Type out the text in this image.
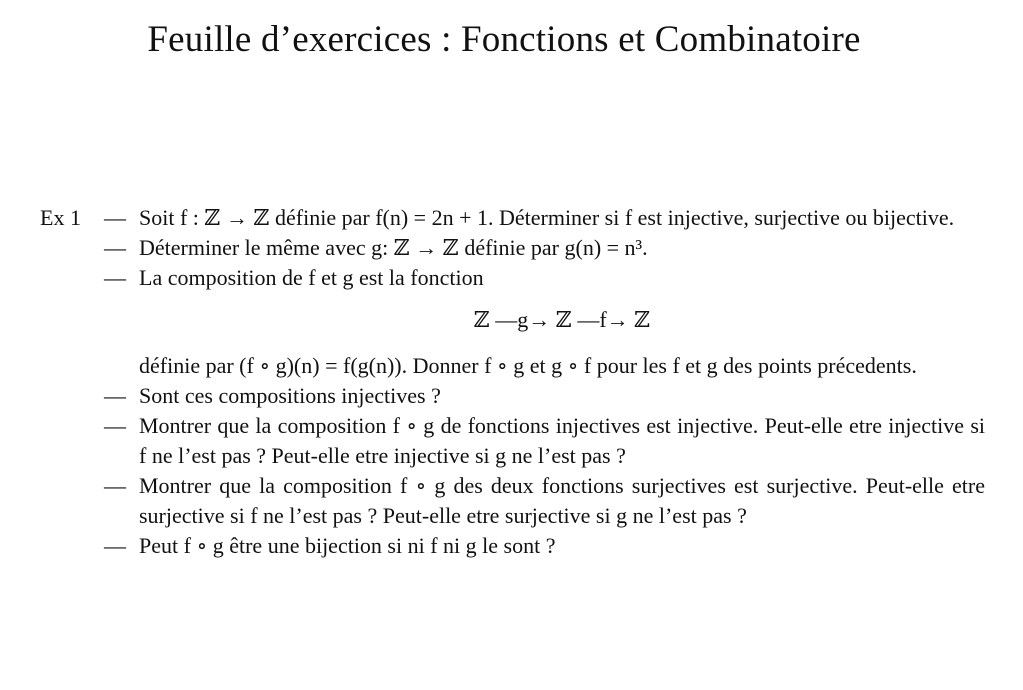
Feuille d’exercices : Fonctions et Combinatoire
Ex 1 — Soit f : ℤ → ℤ définie par f(n) = 2n + 1. Déterminer si f est injective, surjective ou bijective.
— Déterminer le même avec g: ℤ → ℤ définie par g(n) = n³.
— La composition de f et g est la fonction
ℤ —g→ ℤ —f→ ℤ
définie par (f ∘ g)(n) = f(g(n)). Donner f ∘ g et g ∘ f pour les f et g des points précedents.
— Sont ces compositions injectives ?
— Montrer que la composition f ∘ g de fonctions injectives est injective. Peut-elle etre injective si f ne l’est pas ? Peut-elle etre injective si g ne l’est pas ?
— Montrer que la composition f ∘ g des deux fonctions surjectives est surjective. Peut-elle etre surjective si f ne l’est pas ? Peut-elle etre surjective si g ne l’est pas ?
— Peut f ∘ g être une bijection si ni f ni g le sont ?
